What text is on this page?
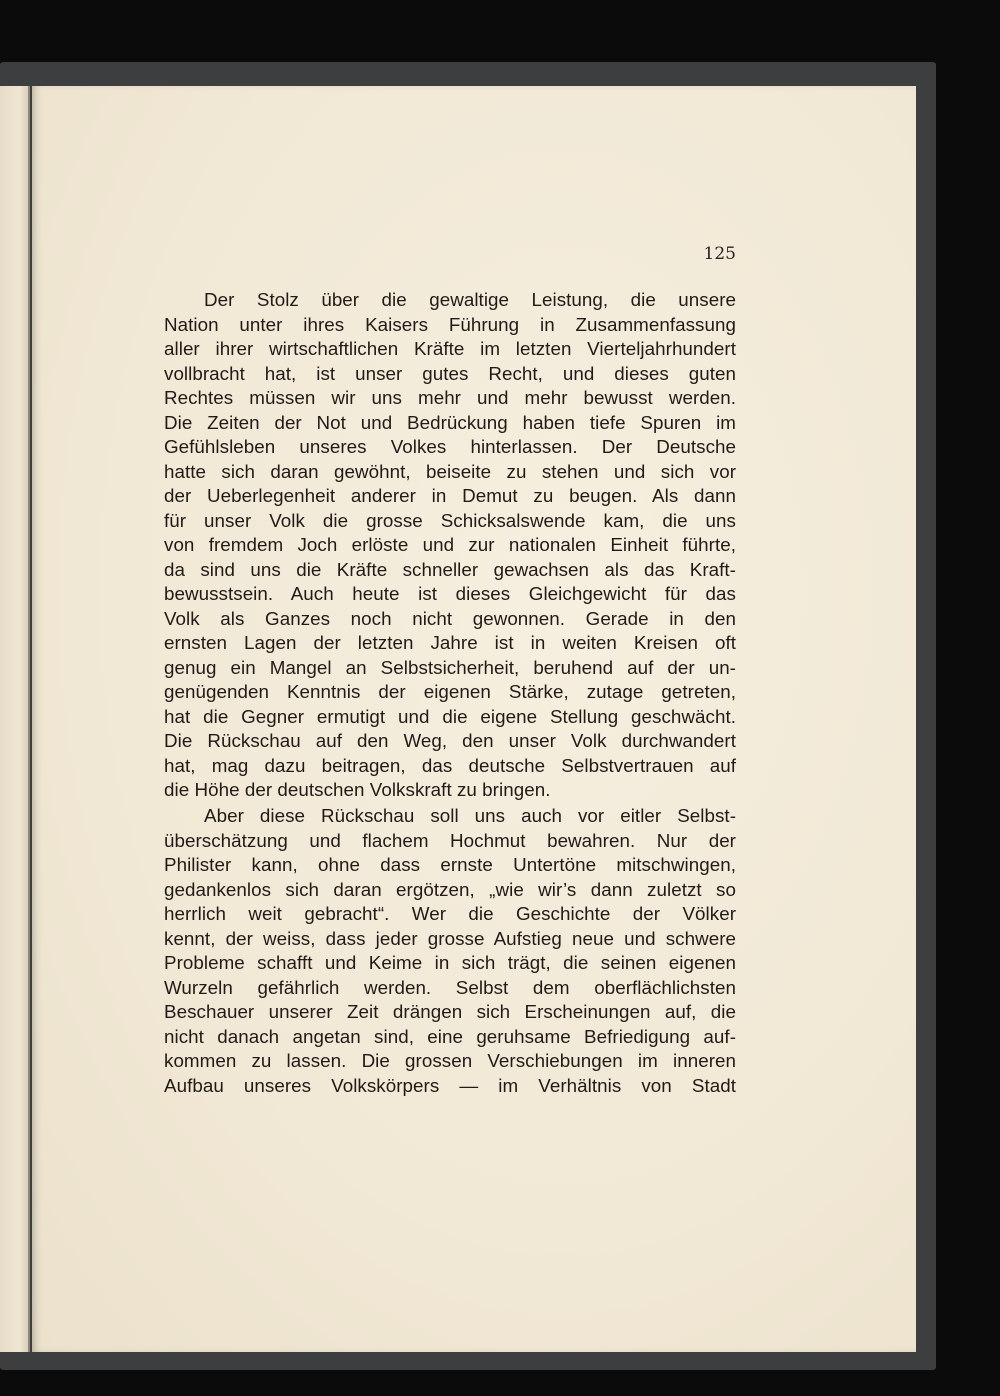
125
Der Stolz über die gewaltige Leistung, die unsere
Nation unter ihres Kaisers Führung in Zusammenfassung
aller ihrer wirtschaftlichen Kräfte im letzten Vierteljahrhundert
vollbracht hat, ist unser gutes Recht, und dieses guten
Rechtes müssen wir uns mehr und mehr bewusst werden.
Die Zeiten der Not und Bedrückung haben tiefe Spuren im
Gefühlsleben unseres Volkes hinterlassen. Der Deutsche
hatte sich daran gewöhnt, beiseite zu stehen und sich vor
der Ueberlegenheit anderer in Demut zu beugen. Als dann
für unser Volk die grosse Schicksalswende kam, die uns
von fremdem Joch erlöste und zur nationalen Einheit führte,
da sind uns die Kräfte schneller gewachsen als das Kraft-
bewusstsein. Auch heute ist dieses Gleichgewicht für das
Volk als Ganzes noch nicht gewonnen. Gerade in den
ernsten Lagen der letzten Jahre ist in weiten Kreisen oft
genug ein Mangel an Selbstsicherheit, beruhend auf der un-
genügenden Kenntnis der eigenen Stärke, zutage getreten,
hat die Gegner ermutigt und die eigene Stellung geschwächt.
Die Rückschau auf den Weg, den unser Volk durchwandert
hat, mag dazu beitragen, das deutsche Selbstvertrauen auf
die Höhe der deutschen Volkskraft zu bringen.
Aber diese Rückschau soll uns auch vor eitler Selbst-
überschätzung und flachem Hochmut bewahren. Nur der
Philister kann, ohne dass ernste Untertöne mitschwingen,
gedankenlos sich daran ergötzen, „wie wir’s dann zuletzt so
herrlich weit gebracht“. Wer die Geschichte der Völker
kennt, der weiss, dass jeder grosse Aufstieg neue und schwere
Probleme schafft und Keime in sich trägt, die seinen eigenen
Wurzeln gefährlich werden. Selbst dem oberflächlichsten
Beschauer unserer Zeit drängen sich Erscheinungen auf, die
nicht danach angetan sind, eine geruhsame Befriedigung auf-
kommen zu lassen. Die grossen Verschiebungen im inneren
Aufbau unseres Volkskörpers — im Verhältnis von Stadt
